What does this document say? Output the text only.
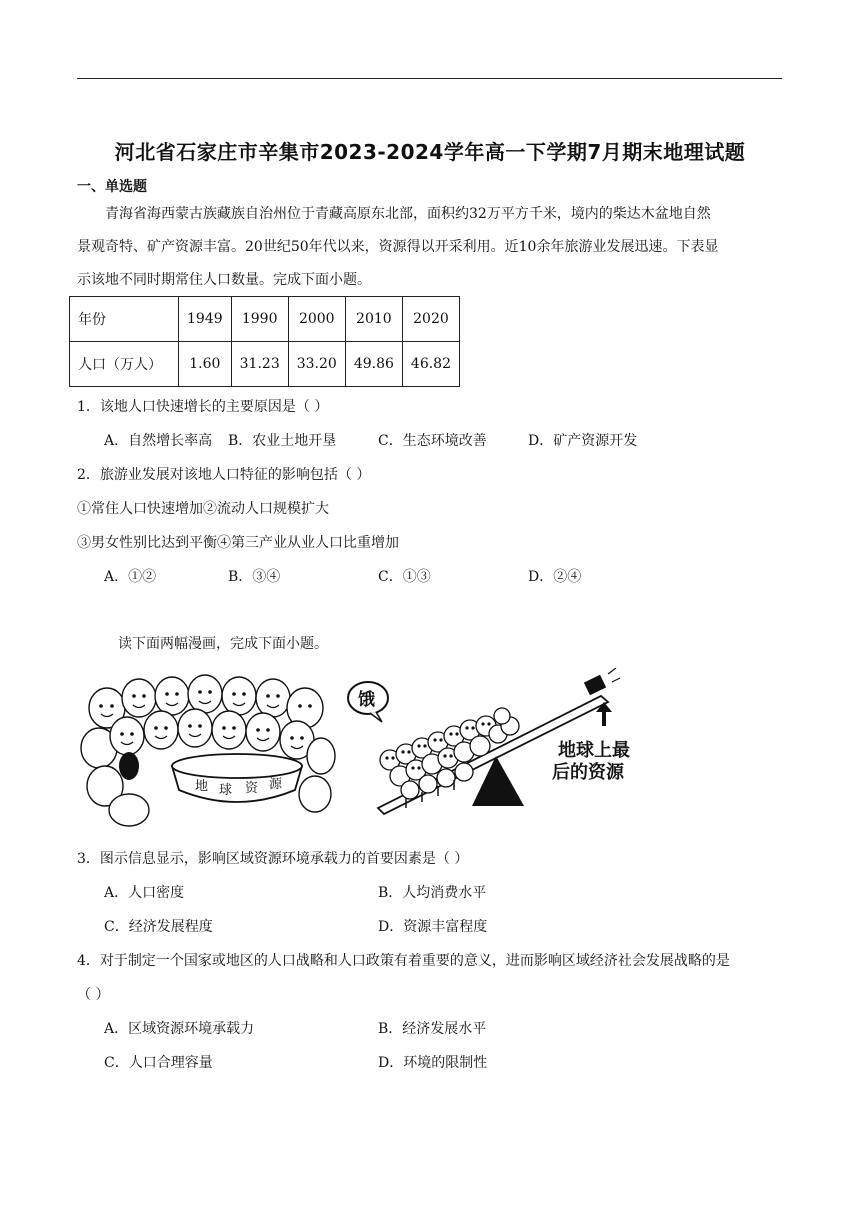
河北省石家庄市辛集市2023-2024学年高一下学期7月期末地理试题
一、单选题
青海省海西蒙古族藏族自治州位于青藏高原东北部，面积约32万平方千米，境内的柴达木盆地自然
景观奇特、矿产资源丰富。20世纪50年代以来，资源得以开采利用。近10余年旅游业发展迅速。下表显
示该地不同时期常住人口数量。完成下面小题。
年份	1949	1990	2000	2010	2020
人口（万人）	1.60	31.23	33.20	49.86	46.82
1．该地人口快速增长的主要原因是（ ）
A．自然增长率高 B．农业土地开垦	C．生态环境改善	D．矿产资源开发
2．旅游业发展对该地人口特征的影响包括（ ）
①常住人口快速增加②流动人口规模扩大
③男女性别比达到平衡④第三产业从业人口比重增加
A．①②	B．③④	C．①③	D．②④
读下面两幅漫画，完成下面小题。
地 球 资 源
饿
地球上最
后的资源
3．图示信息显示，影响区域资源环境承载力的首要因素是（ ）
A．人口密度	B．人均消费水平
C．经济发展程度	D．资源丰富程度
4．对于制定一个国家或地区的人口战略和人口政策有着重要的意义，进而影响区域经济社会发展战略的是
（ ）
A．区域资源环境承载力	B．经济发展水平
C．人口合理容量	D．环境的限制性
